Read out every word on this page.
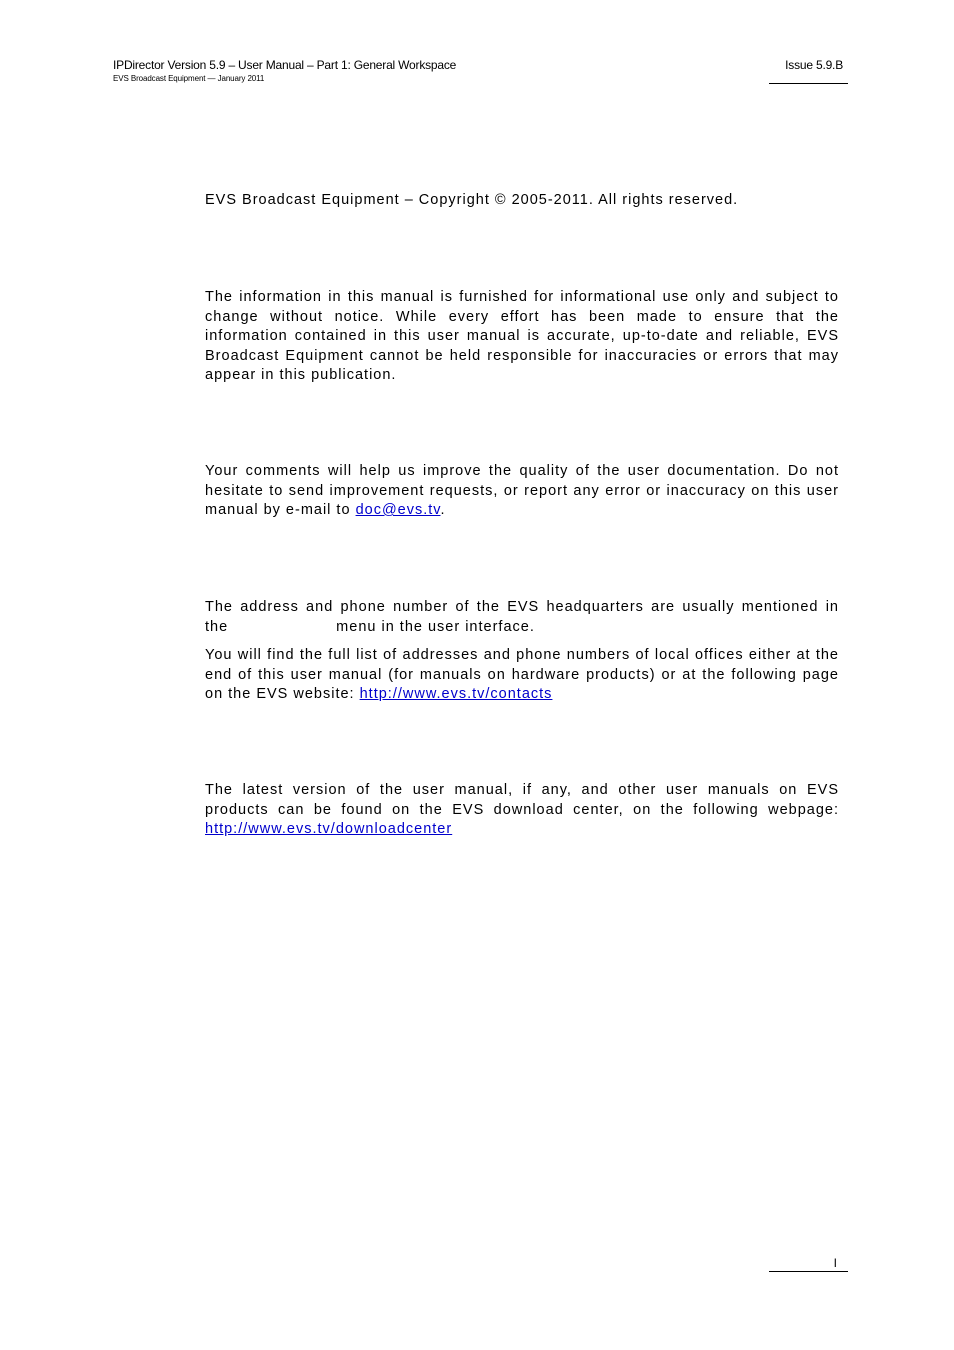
IPDirector Version 5.9 – User Manual – Part 1: General Workspace
EVS Broadcast Equipment — January 2011
Issue 5.9.B

EVS Broadcast Equipment – Copyright © 2005-2011. All rights reserved.

The information in this manual is furnished for informational use only and subject to change without notice. While every effort has been made to ensure that the information contained in this user manual is accurate, up-to-date and reliable, EVS Broadcast Equipment cannot be held responsible for inaccuracies or errors that may appear in this publication.

Your comments will help us improve the quality of the user documentation. Do not hesitate to send improvement requests, or report any error or inaccuracy on this user manual by e-mail to doc@evs.tv.

The address and phone number of the EVS headquarters are usually mentioned in the	menu in the user interface.

You will find the full list of addresses and phone numbers of local offices either at the end of this user manual (for manuals on hardware products) or at the following page on the EVS website: http://www.evs.tv/contacts

The latest version of the user manual, if any, and other user manuals on EVS products can be found on the EVS download center, on the following webpage: http://www.evs.tv/downloadcenter

I
